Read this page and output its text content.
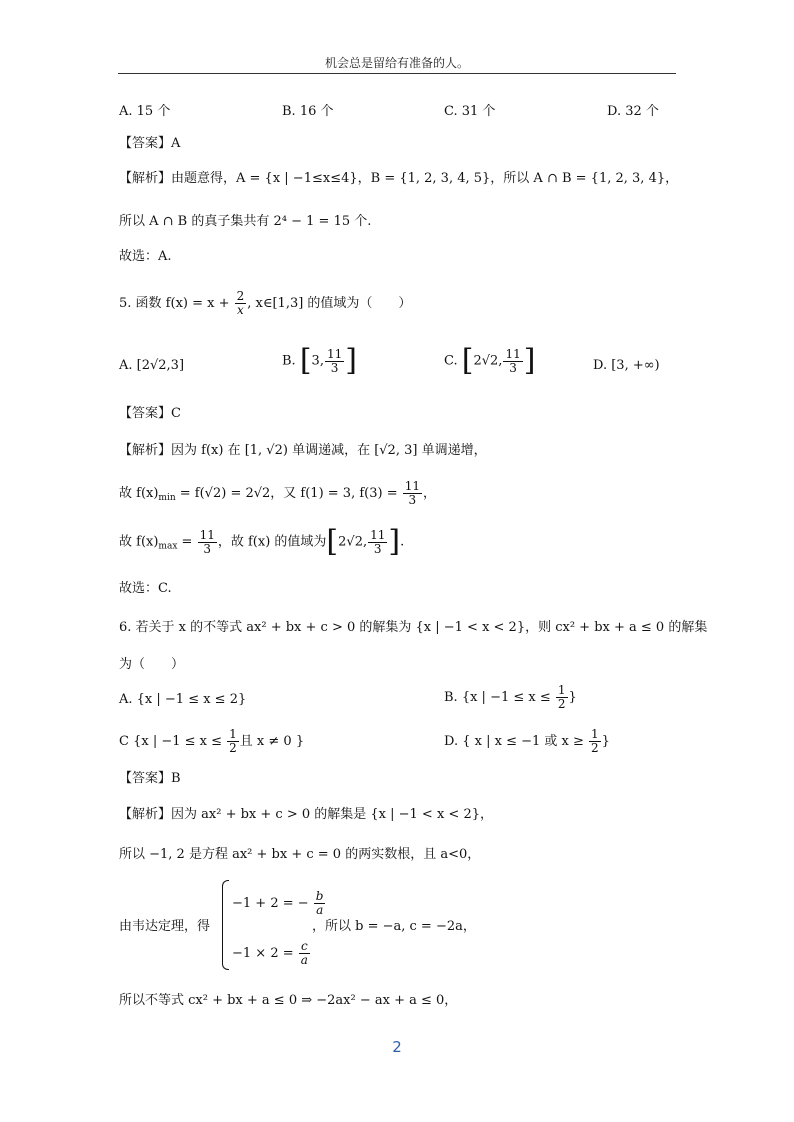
机会总是留给有准备的人。
A. 15 个	B. 16 个	C. 31 个	D. 32 个
【答案】A
【解析】由题意得，A = {x | −1≤x≤4}，B = {1, 2, 3, 4, 5}，所以 A ∩ B = {1, 2, 3, 4}，
所以 A ∩ B 的真子集共有 2⁴ − 1 = 15 个.
故选：A.
5. 函数 $f(x) = x + \frac{2}{x}$ , x∈[1,3] 的值域为（　　）
A. [2√2,3]	B. [3, $\frac{11}{3}$ ]	C. [2√2, $\frac{11}{3}$ ]	D. [3, +∞)
【答案】C
【解析】因为 f(x) 在 [1, √2) 单调递减，在 [√2, 3] 单调递增，
故 $f(x)_{min} = f(√2) = 2√2$，又 f(1) = 3, $f(3) = \frac{11}{3}$ ，
故 $f(x)_{max} = \frac{11}{3}$ ，故 f(x) 的值域为[2√2, $\frac{11}{3}$ ].
故选：C.
6. 若关于 x 的不等式 ax² + bx + c > 0 的解集为 {x | −1 < x < 2}，则 cx² + bx + a ≤ 0 的解集
为（　　）
A. {x | −1 ≤ x ≤ 2}	B. {x | $-1 \le x \le \frac{1}{2}$ }
C {x | $-1 \le x \le \frac{1}{2}$ 且 x ≠ 0 }	D. { x | x ≤ −1 或 $x \ge \frac{1}{2}$ }
【答案】B
【解析】因为 ax² + bx + c > 0 的解集是 {x | −1 < x < 2}，
所以 −1, 2 是方程 ax² + bx + c = 0 的两实数根，且 a<0，
由韦达定理，得
−1 + 2 = − $\frac{b}{a}$
$-1 \times 2 = \frac{c}{a}$
，所以 b = −a, c = −2a，
所以不等式 cx² + bx + a ≤ 0 ⇒ −2ax² − ax + a ≤ 0，
2
